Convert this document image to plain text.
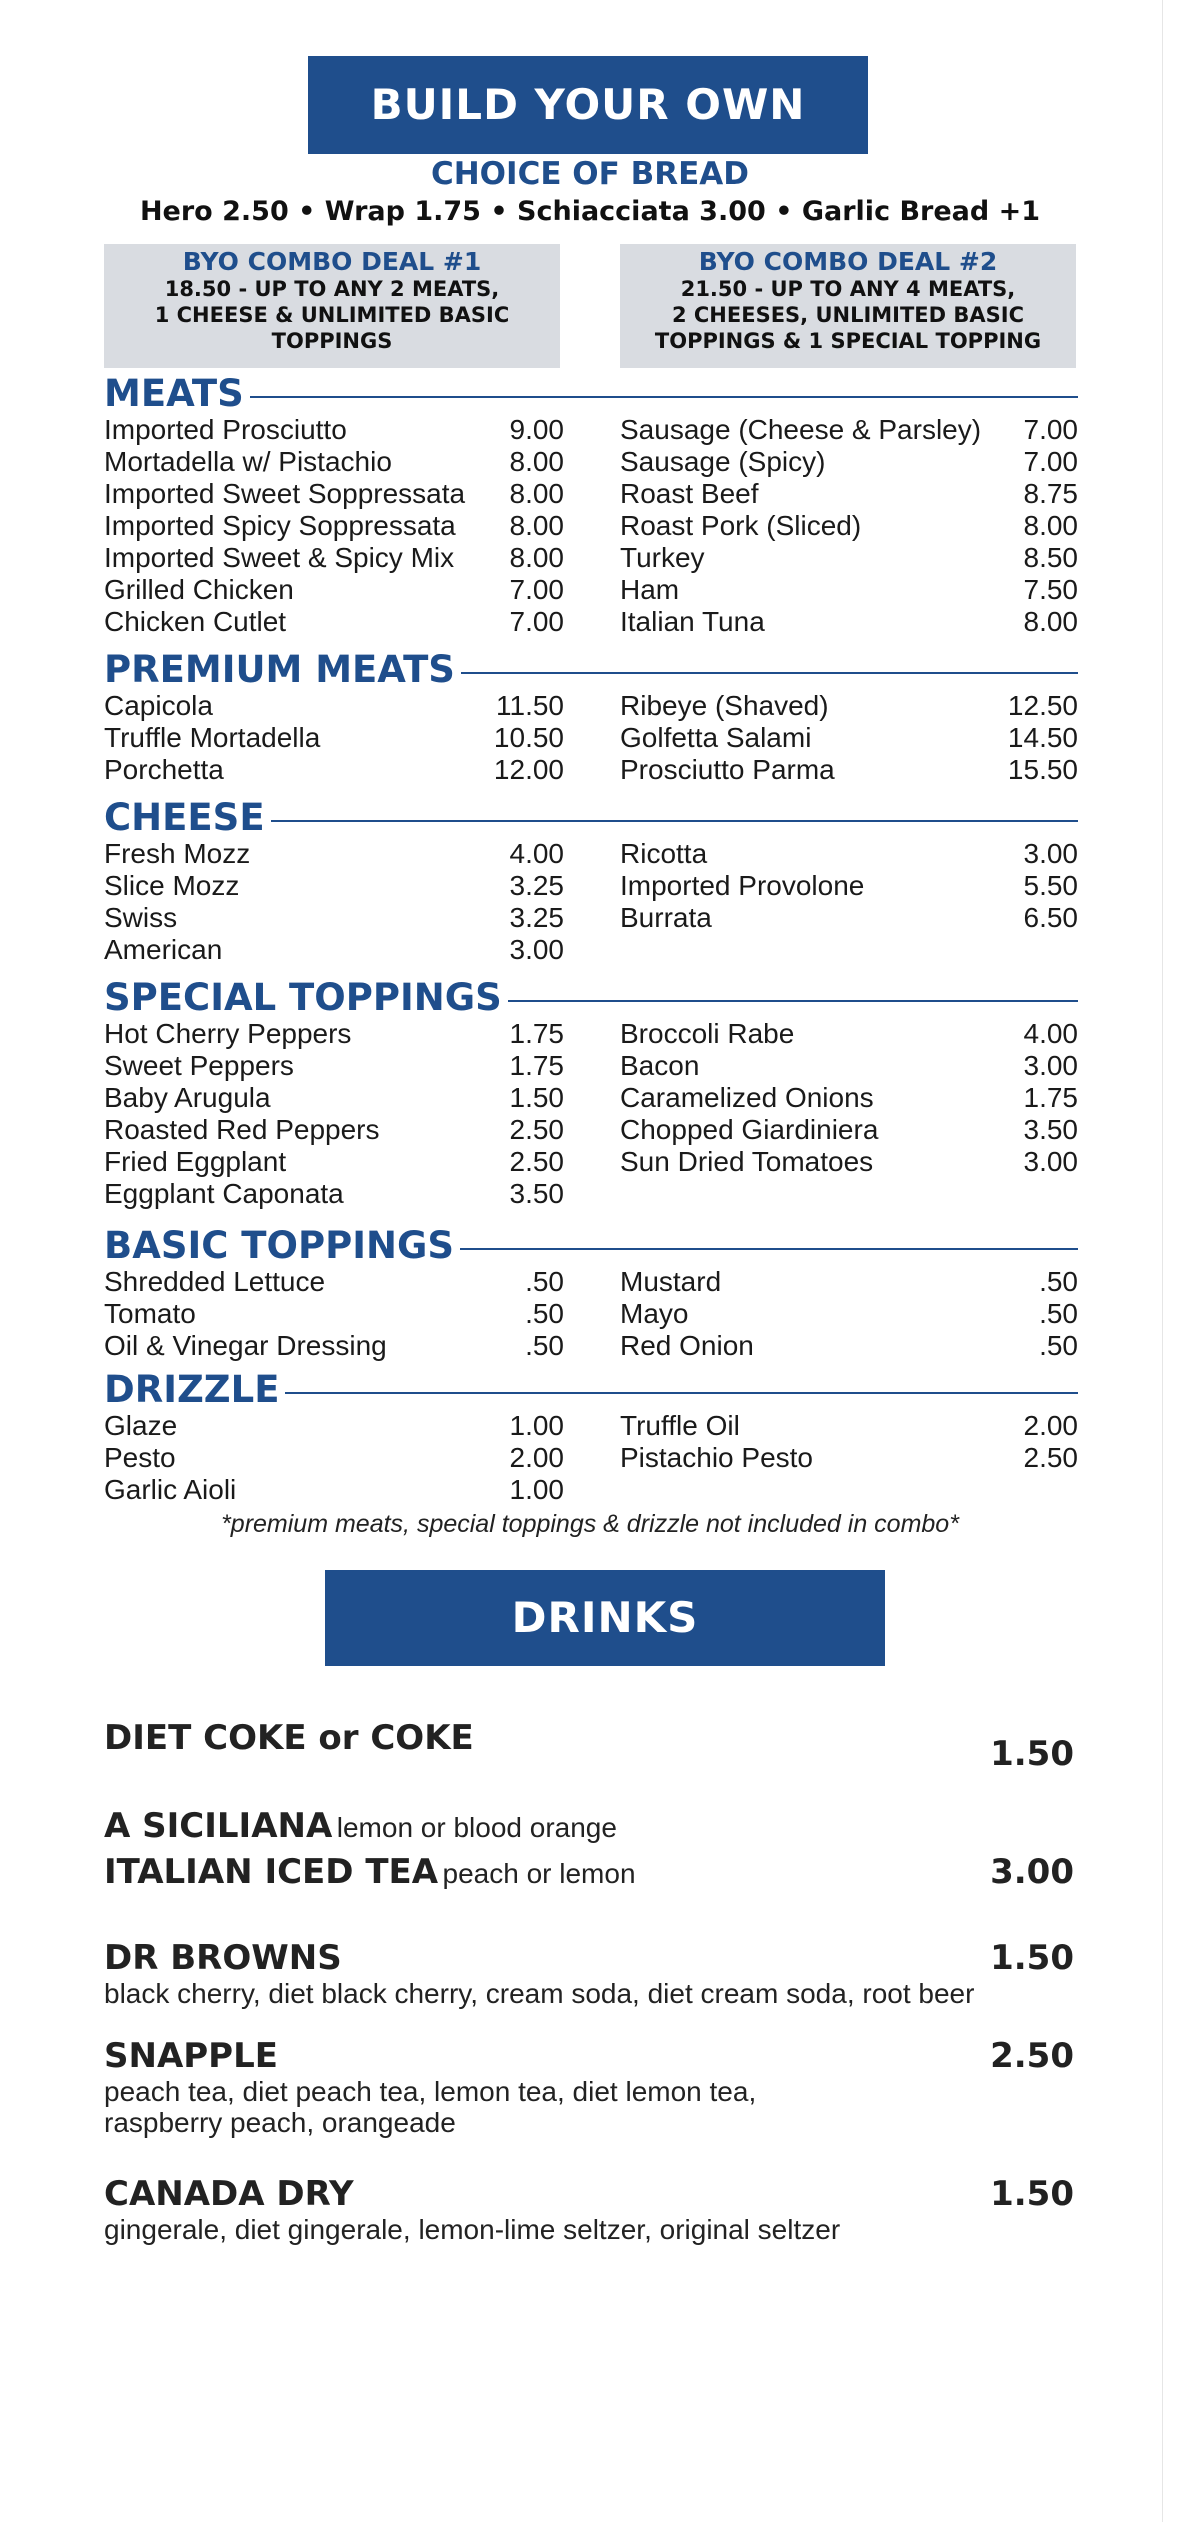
BUILD YOUR OWN
CHOICE OF BREAD
Hero 2.50 • Wrap 1.75 • Schiacciata 3.00 • Garlic Bread +1
BYO COMBO DEAL #1
18.50 - UP TO ANY 2 MEATS,
1 CHEESE & UNLIMITED BASIC
TOPPINGS
BYO COMBO DEAL #2
21.50 - UP TO ANY 4 MEATS,
2 CHEESES, UNLIMITED BASIC
TOPPINGS & 1 SPECIAL TOPPING
MEATS
Imported Prosciutto	9.00
Mortadella w/ Pistachio	8.00
Imported Sweet Soppressata 8.00
Imported Spicy Soppressata 8.00
Imported Sweet & Spicy Mix 8.00
Grilled Chicken	7.00
Chicken Cutlet	7.00
Sausage (Cheese & Parsley) 7.00
Sausage (Spicy)	7.00
Roast Beef	8.75
Roast Pork (Sliced)	8.00
Turkey	8.50
Ham	7.50
Italian Tuna	8.00
PREMIUM MEATS
Capicola	11.50
Truffle Mortadella	10.50
Porchetta	12.00
Ribeye (Shaved)	12.50
Golfetta Salami	14.50
Prosciutto Parma	15.50
CHEESE
Fresh Mozz	4.00
Slice Mozz	3.25
Swiss	3.25
American	3.00
Ricotta	3.00
Imported Provolone	5.50
Burrata	6.50
SPECIAL TOPPINGS
Hot Cherry Peppers	1.75
Sweet Peppers	1.75
Baby Arugula	1.50
Roasted Red Peppers	2.50
Fried Eggplant	2.50
Eggplant Caponata	3.50
Broccoli Rabe	4.00
Bacon	3.00
Caramelized Onions	1.75
Chopped Giardiniera	3.50
Sun Dried Tomatoes	3.00
BASIC TOPPINGS
Shredded Lettuce	.50
Tomato	.50
Oil & Vinegar Dressing	.50
Mustard	.50
Mayo	.50
Red Onion	.50
DRIZZLE
Glaze	1.00
Pesto	2.00
Garlic Aioli	1.00
Truffle Oil	2.00
Pistachio Pesto	2.50
*premium meats, special toppings & drizzle not included in combo*
DRINKS
DIET COKE or COKE	1.50
A SICILIANA lemon or blood orange
ITALIAN ICED TEA peach or lemon	3.00
DR BROWNS	1.50
black cherry, diet black cherry, cream soda, diet cream soda, root beer
SNAPPLE	2.50
peach tea, diet peach tea, lemon tea, diet lemon tea,
raspberry peach, orangeade
CANADA DRY	1.50
gingerale, diet gingerale, lemon-lime seltzer, original seltzer
